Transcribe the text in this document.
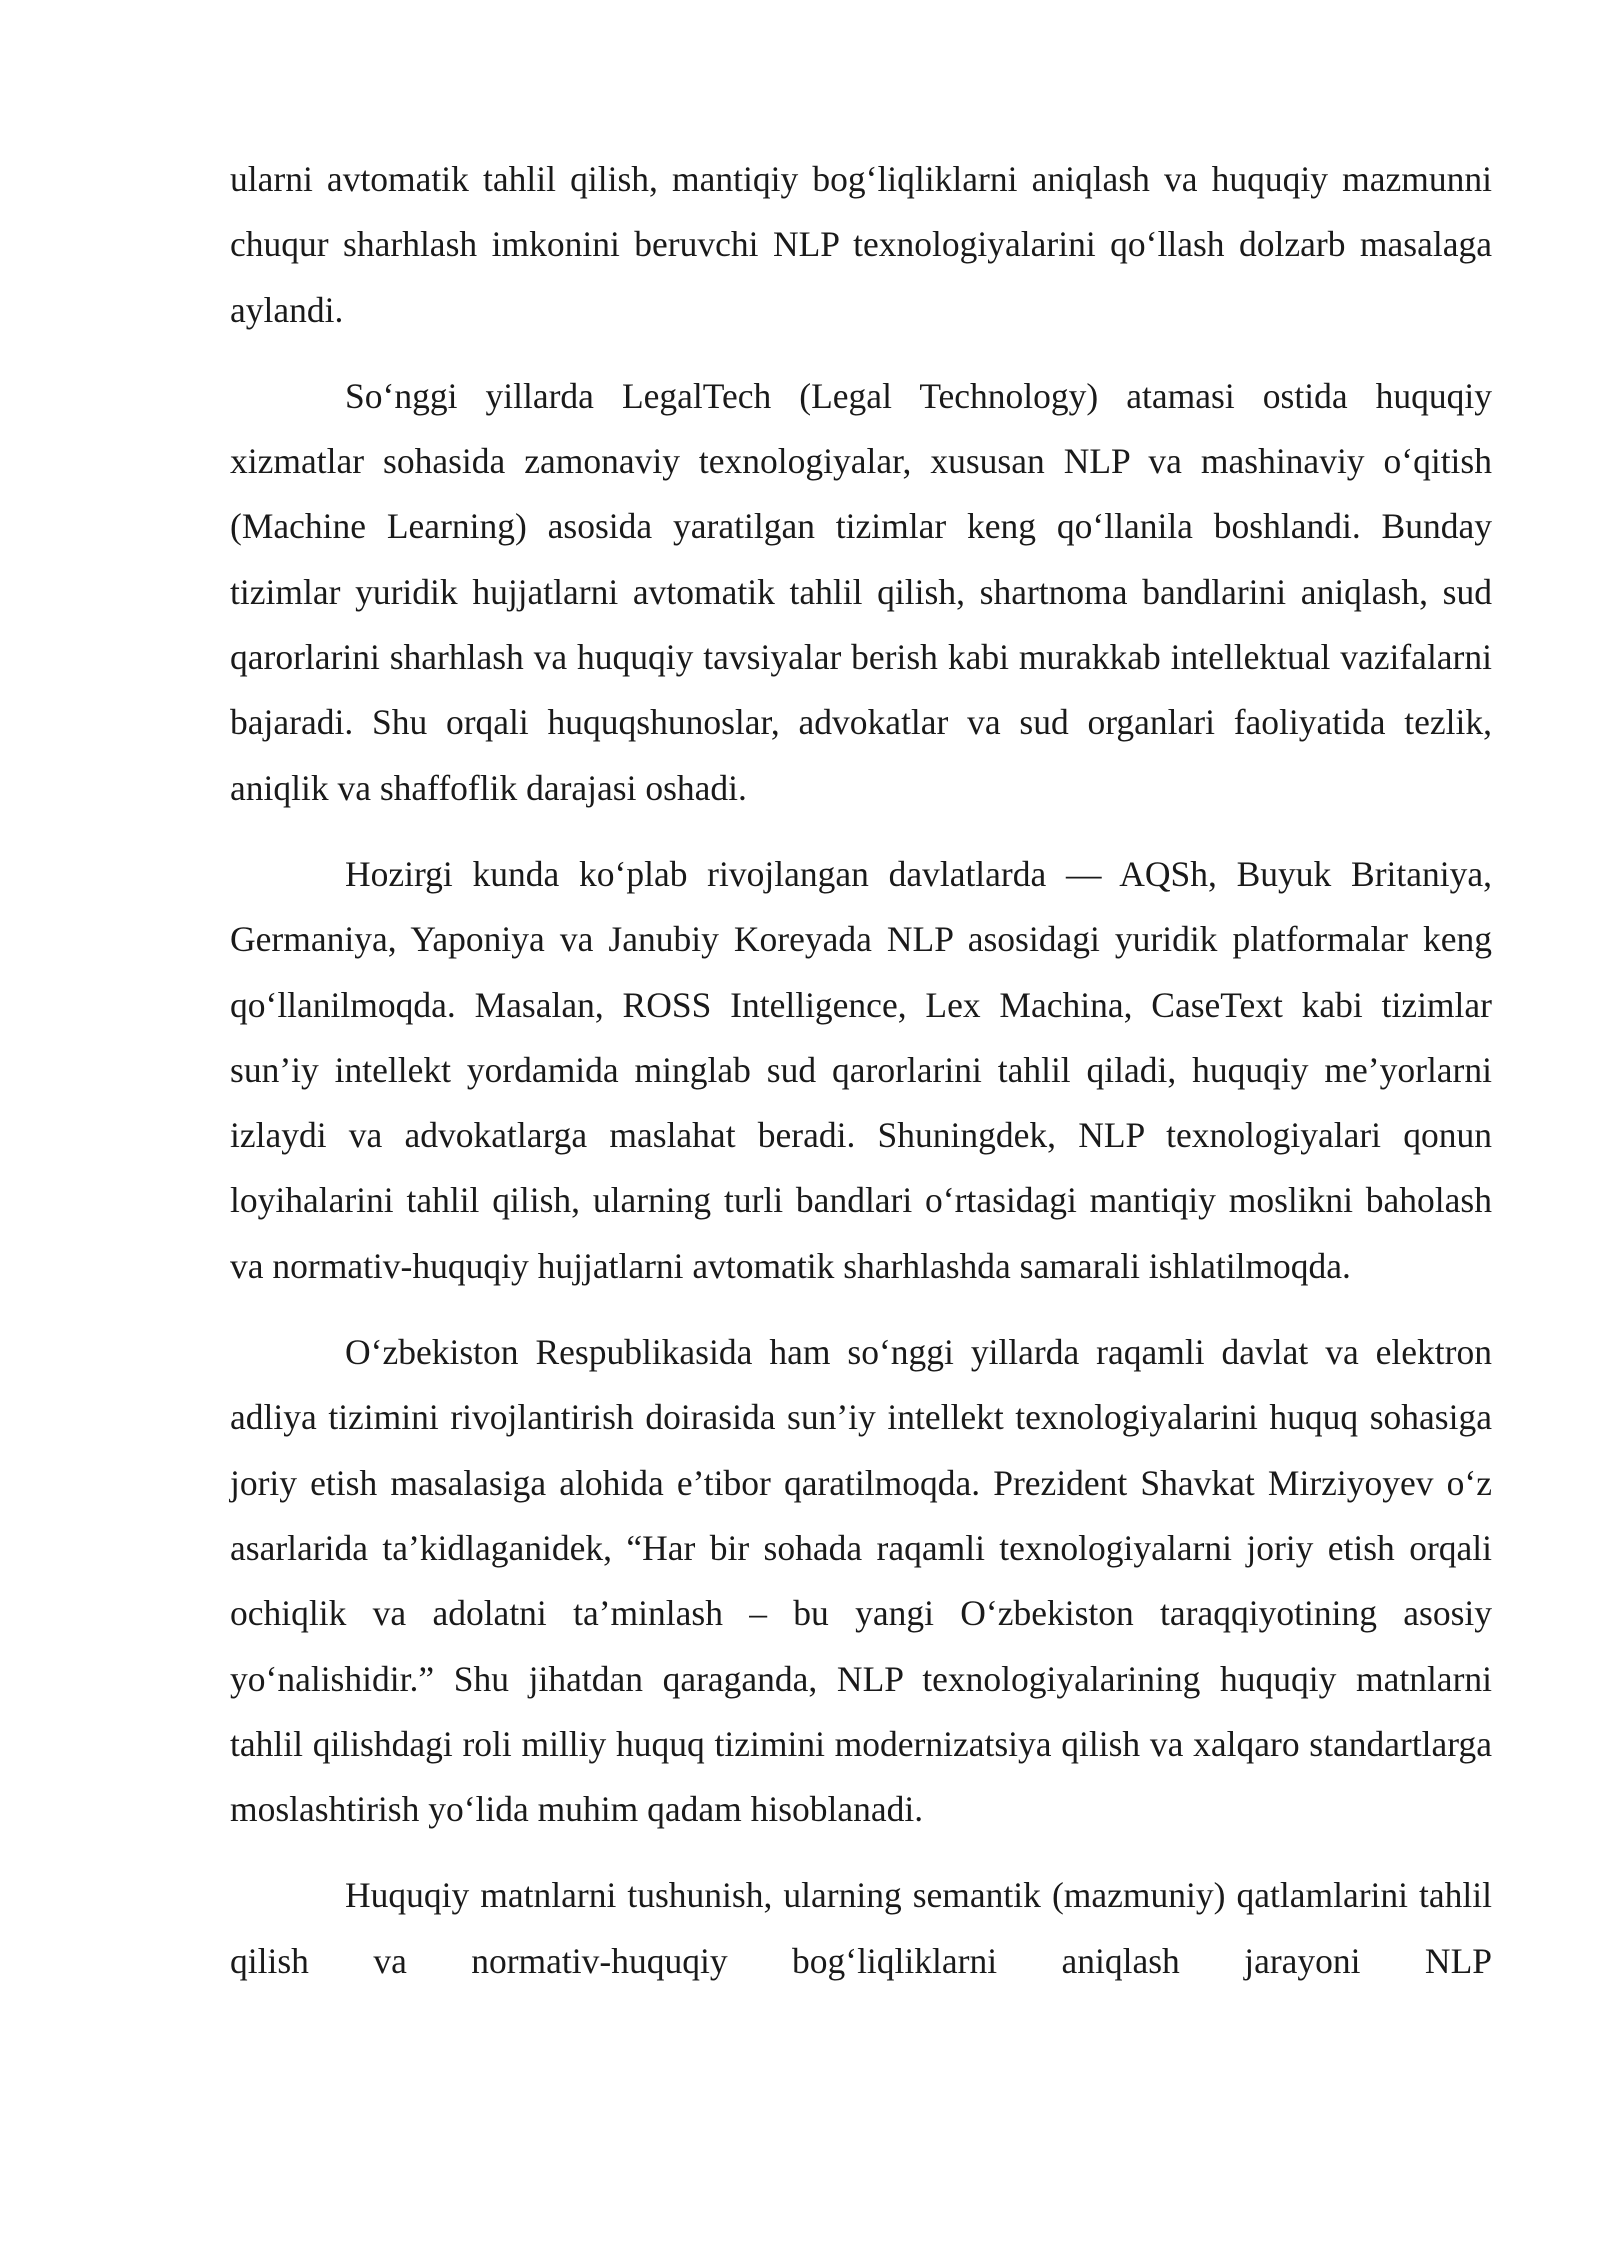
ularni avtomatik tahlil qilish, mantiqiy bog‘liqliklarni aniqlash va huquqiy mazmunni chuqur sharhlash imkonini beruvchi NLP texnologiyalarini qo‘llash dolzarb masalaga aylandi.

So‘nggi yillarda LegalTech (Legal Technology) atamasi ostida huquqiy xizmatlar sohasida zamonaviy texnologiyalar, xususan NLP va mashinaviy o‘qitish (Machine Learning) asosida yaratilgan tizimlar keng qo‘llanila boshlandi. Bunday tizimlar yuridik hujjatlarni avtomatik tahlil qilish, shartnoma bandlarini aniqlash, sud qarorlarini sharhlash va huquqiy tavsiyalar berish kabi murakkab intellektual vazifalarni bajaradi. Shu orqali huquqshunoslar, advokatlar va sud organlari faoliyatida tezlik, aniqlik va shaffoflik darajasi oshadi.

Hozirgi kunda ko‘plab rivojlangan davlatlarda — AQSh, Buyuk Britaniya, Germaniya, Yaponiya va Janubiy Koreyada NLP asosidagi yuridik platformalar keng qo‘llanilmoqda. Masalan, ROSS Intelligence, Lex Machina, CaseText kabi tizimlar sun’iy intellekt yordamida minglab sud qarorlarini tahlil qiladi, huquqiy me’yorlarni izlaydi va advokatlarga maslahat beradi. Shuningdek, NLP texnologiyalari qonun loyihalarini tahlil qilish, ularning turli bandlari o‘rtasidagi mantiqiy moslikni baholash va normativ-huquqiy hujjatlarni avtomatik sharhlashda samarali ishlatilmoqda.

O‘zbekiston Respublikasida ham so‘nggi yillarda raqamli davlat va elektron adliya tizimini rivojlantirish doirasida sun’iy intellekt texnologiyalarini huquq sohasiga joriy etish masalasiga alohida e’tibor qaratilmoqda. Prezident Shavkat Mirziyoyev o‘z asarlarida ta’kidlaganidek, “Har bir sohada raqamli texnologiyalarni joriy etish orqali ochiqlik va adolatni ta’minlash – bu yangi O‘zbekiston taraqqiyotining asosiy yo‘nalishidir.” Shu jihatdan qaraganda, NLP texnologiyalarining huquqiy matnlarni tahlil qilishdagi roli milliy huquq tizimini modernizatsiya qilish va xalqaro standartlarga moslashtirish yo‘lida muhim qadam hisoblanadi.

Huquqiy matnlarni tushunish, ularning semantik (mazmuniy) qatlamlarini tahlil qilish va normativ-huquqiy bog‘liqliklarni aniqlash jarayoni NLP
